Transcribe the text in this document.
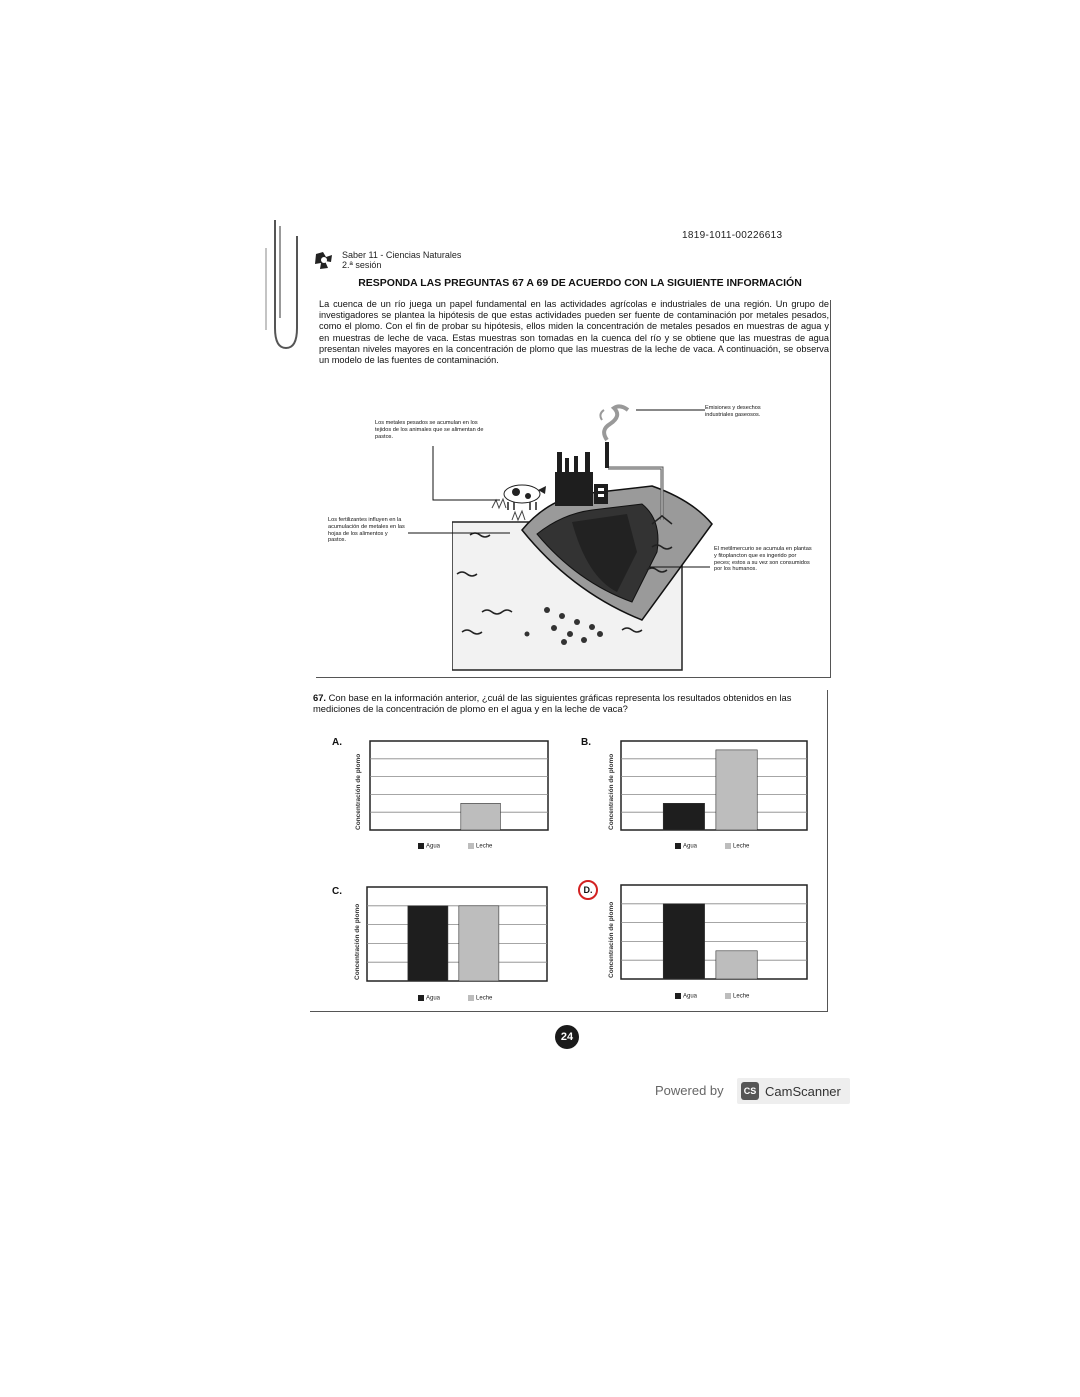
1819-1011-00226613
Saber 11 - Ciencias Naturales
2.ª sesión
RESPONDA LAS PREGUNTAS 67 A 69 DE ACUERDO CON LA SIGUIENTE INFORMACIÓN
La cuenca de un río juega un papel fundamental en las actividades agrícolas e industriales de una región. Un grupo de investigadores se plantea la hipótesis de que estas actividades pueden ser fuente de contaminación por metales pesados, como el plomo. Con el fin de probar su hipótesis, ellos miden la concentración de metales pesados en muestras de agua y en muestras de leche de vaca. Estas muestras son tomadas en la cuenca del río y se obtiene que las muestras de agua presentan niveles mayores en la concentración de plomo que las muestras de la leche de vaca. A continuación, se observa un modelo de las fuentes de contaminación.
Los metales pesados se acumulan en los tejidos de los animales que se alimentan de pastos.
Emisiones y desechos industriales gaseosos.
Los fertilizantes influyen en la acumulación de metales en las hojas de los alimentos y pastos.
El metilmercurio se acumula en plantas y fitoplancton que es ingerido por peces; estos a su vez son consumidos por los humanos.
67. Con base en la información anterior, ¿cuál de las siguientes gráficas representa los resultados obtenidos en las mediciones de la concentración de plomo en el agua y en la leche de vaca?
A.
Concentración de plomo
Agua	Leche
B.
Concentración de plomo
Agua	Leche
C.
Concentración de plomo
Agua	Leche
D.
Concentración de plomo
Agua	Leche
24
Powered by	CS CamScanner
